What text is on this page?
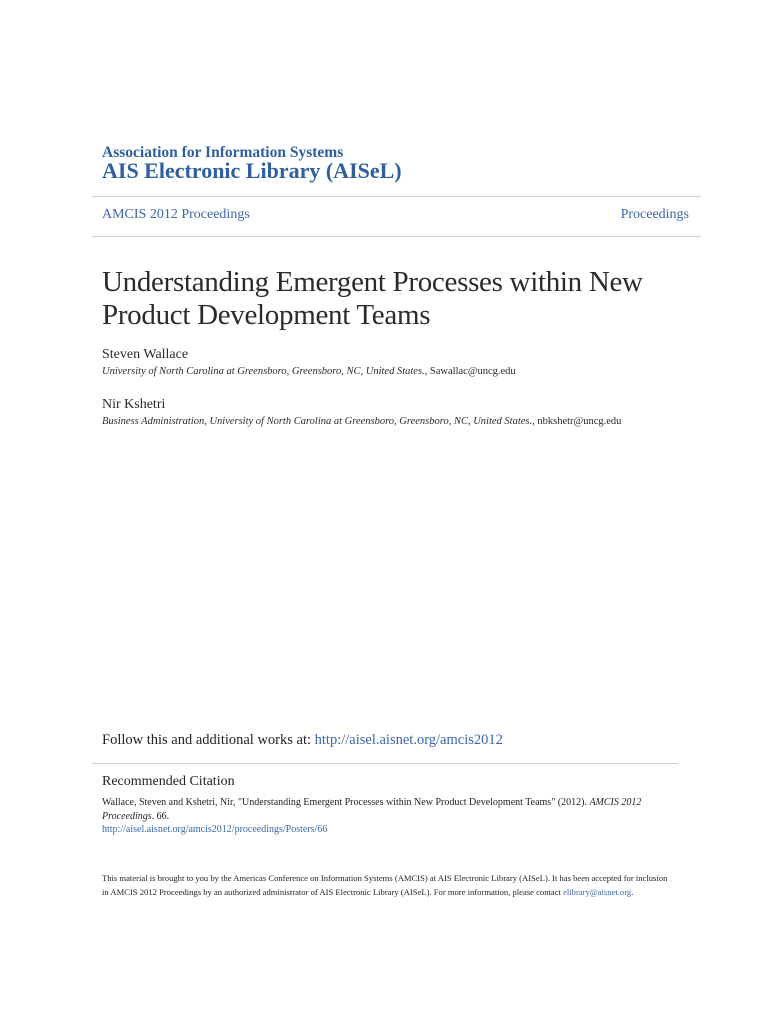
Association for Information Systems
AIS Electronic Library (AISeL)
AMCIS 2012 Proceedings	Proceedings
Understanding Emergent Processes within New
Product Development Teams
Steven Wallace
University of North Carolina at Greensboro, Greensboro, NC, United States., Sawallac@uncg.edu
Nir Kshetri
Business Administration, University of North Carolina at Greensboro, Greensboro, NC, United States., nbkshetr@uncg.edu
Follow this and additional works at: http://aisel.aisnet.org/amcis2012
Recommended Citation
Wallace, Steven and Kshetri, Nir, "Understanding Emergent Processes within New Product Development Teams" (2012). AMCIS 2012 Proceedings. 66.
http://aisel.aisnet.org/amcis2012/proceedings/Posters/66
This material is brought to you by the Americas Conference on Information Systems (AMCIS) at AIS Electronic Library (AISeL). It has been accepted for inclusion in AMCIS 2012 Proceedings by an authorized administrator of AIS Electronic Library (AISeL). For more information, please contact elibrary@aisnet.org.
